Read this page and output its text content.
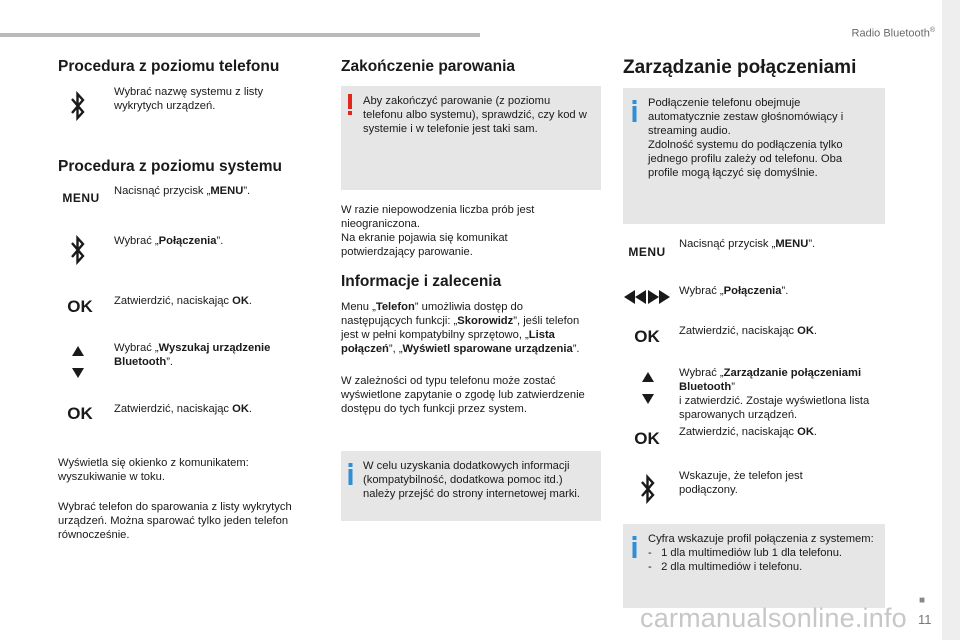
Radio Bluetooth®
Procedura z poziomu telefonu
Wybrać nazwę systemu z listy wykrytych urządzeń.
Procedura z poziomu systemu
MENU Nacisnąć przycisk „MENU”.
Wybrać „Połączenia”.
OK Zatwierdzić, naciskając OK.
Wybrać „Wyszukaj urządzenie Bluetooth”.
OK Zatwierdzić, naciskając OK.
Wyświetla się okienko z komunikatem: wyszukiwanie w toku.
Wybrać telefon do sparowania z listy wykrytych urządzeń. Można sparować tylko jeden telefon równocześnie.
Zakończenie parowania
Aby zakończyć parowanie (z poziomu telefonu albo systemu), sprawdzić, czy kod w systemie i w telefonie jest taki sam.
W razie niepowodzenia liczba prób jest nieograniczona.
Na ekranie pojawia się komunikat potwierdzający parowanie.
Informacje i zalecenia
Menu „Telefon” umożliwia dostęp do następujących funkcji: „Skorowidz”, jeśli telefon jest w pełni kompatybilny sprzętowo, „Lista połączeń”, „Wyświetl sparowane urządzenia”.
W zależności od typu telefonu może zostać wyświetlone zapytanie o zgodę lub zatwierdzenie dostępu do tych funkcji przez system.
W celu uzyskania dodatkowych informacji (kompatybilność, dodatkowa pomoc itd.) należy przejść do strony internetowej marki.
Zarządzanie połączeniami
Podłączenie telefonu obejmuje automatycznie zestaw głośnomówiący i streaming audio.
Zdolność systemu do podłączenia tylko jednego profilu zależy od telefonu. Oba profile mogą łączyć się domyślnie.
MENU
Nacisnąć przycisk „MENU”.
Wybrać „Połączenia”.
OK Zatwierdzić, naciskając OK.
Wybrać „Zarządzanie połączeniami Bluetooth”
i zatwierdzić. Zostaje wyświetlona lista sparowanych urządzeń.
OK Zatwierdzić, naciskając OK.
Wskazuje, że telefon jest podłączony.
Cyfra wskazuje profil połączenia z systemem:
- 1 dla multimediów lub 1 dla telefonu.
- 2 dla multimediów i telefonu.
carmanualsonline.info
■
11
